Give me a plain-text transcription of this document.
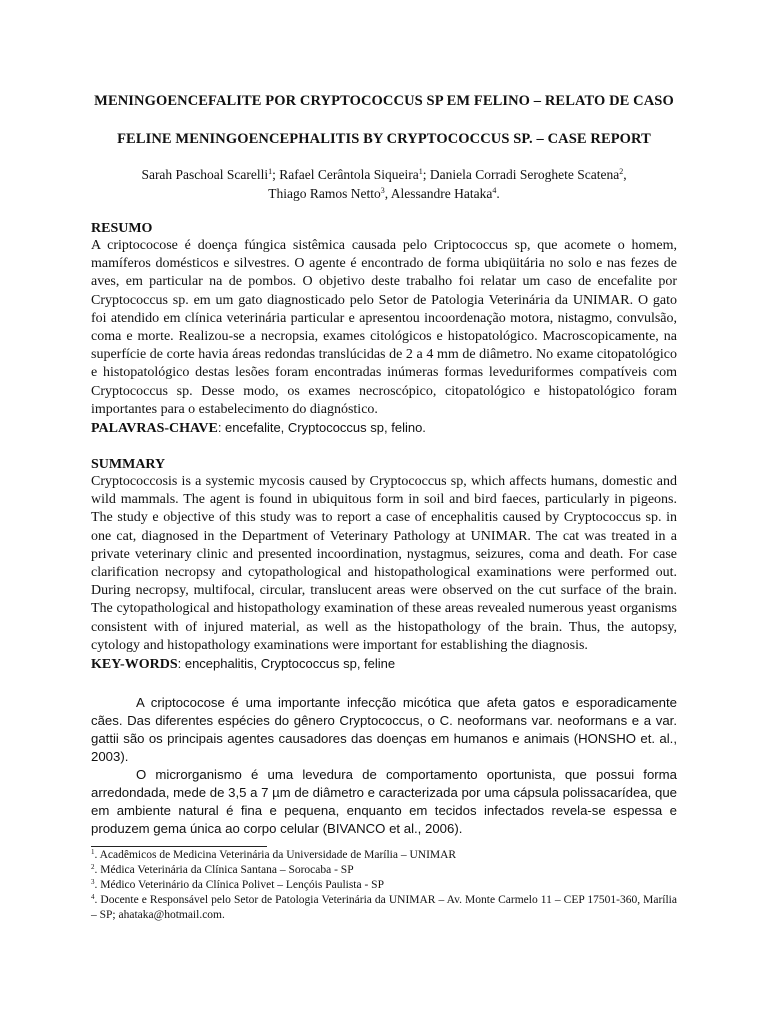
MENINGOENCEFALITE POR CRYPTOCOCCUS SP EM FELINO – RELATO DE CASO
FELINE MENINGOENCEPHALITIS BY CRYPTOCOCCUS SP. – CASE REPORT
Sarah Paschoal Scarelli$^1$; Rafael Cerântola Siqueira$^1$; Daniela Corradi Seroghete Scatena$^2$,
Thiago Ramos Netto$^3$, Alessandre Hataka$^4$.
RESUMO
A criptococose é doença fúngica sistêmica causada pelo Criptococcus sp, que acomete o homem, mamíferos domésticos e silvestres. O agente é encontrado de forma ubiqüitária no solo e nas fezes de aves, em particular na de pombos. O objetivo deste trabalho foi relatar um caso de encefalite por Cryptococcus sp. em um gato diagnosticado pelo Setor de Patologia Veterinária da UNIMAR. O gato foi atendido em clínica veterinária particular e apresentou incoordenação motora, nistagmo, convulsão, coma e morte. Realizou-se a necropsia, exames citológicos e histopatológico. Macroscopicamente, na superfície de corte havia áreas redondas translúcidas de 2 a 4 mm de diâmetro. No exame citopatológico e histopatológico destas lesões foram encontradas inúmeras formas leveduriformes compatíveis com Cryptococcus sp. Desse modo, os exames necroscópico, citopatológico e histopatológico foram importantes para o estabelecimento do diagnóstico.
PALAVRAS-CHAVE: encefalite, Cryptococcus sp, felino.
SUMMARY
Cryptococcosis is a systemic mycosis caused by Cryptococcus sp, which affects humans, domestic and wild mammals. The agent is found in ubiquitous form in soil and bird faeces, particularly in pigeons. The study e objective of this study was to report a case of encephalitis caused by Cryptococcus sp. in one cat, diagnosed in the Department of Veterinary Pathology at UNIMAR. The cat was treated in a private veterinary clinic and presented incoordination, nystagmus, seizures, coma and death. For case clarification necropsy and cytopathological and histopathological examinations were performed out. During necropsy, multifocal, circular, translucent areas were observed on the cut surface of the brain. The cytopathological and histopathology examination of these areas revealed numerous yeast organisms consistent with of injured material, as well as the histopathology of the brain. Thus, the autopsy, cytology and histopathology examinations were important for establishing the diagnosis.
KEY-WORDS: encephalitis, Cryptococcus sp, feline

A criptococose é uma importante infecção micótica que afeta gatos e esporadicamente cães. Das diferentes espécies do gênero Cryptococcus, o C. neoformans var. neoformans e a var. gattii são os principais agentes causadores das doenças em humanos e animais (HONSHO et. al., 2003).

O microrganismo é uma levedura de comportamento oportunista, que possui forma arredondada, mede de 3,5 a 7 µm de diâmetro e caracterizada por uma cápsula polissacarídea, que em ambiente natural é fina e pequena, enquanto em tecidos infectados revela-se espessa e produzem gema única ao corpo celular (BIVANCO et al., 2006).

$^1$. Acadêmicos de Medicina Veterinária da Universidade de Marília – UNIMAR
$^2$. Médica Veterinária da Clínica Santana – Sorocaba - SP
$^3$. Médico Veterinário da Clínica Polivet – Lençóis Paulista - SP
$^4$. Docente e Responsável pelo Setor de Patologia Veterinária da UNIMAR – Av. Monte Carmelo 11 – CEP 17501-360, Marília – SP; ahataka@hotmail.com.
